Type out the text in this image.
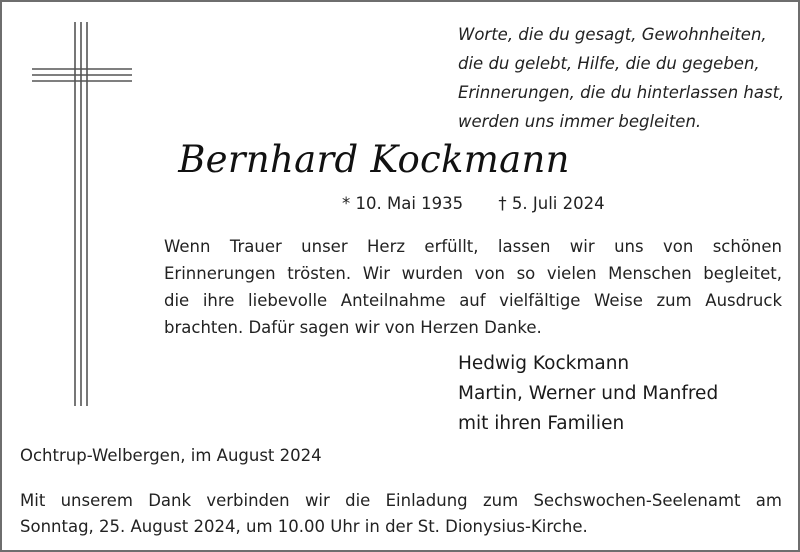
Worte, die du gesagt, Gewohnheiten,
die du gelebt, Hilfe, die du gegeben,
Erinnerungen, die du hinterlassen hast,
werden uns immer begleiten.
Bernhard Kockmann
* 10. Mai 1935 † 5. Juli 2024
Wenn Trauer unser Herz erfüllt, lassen wir uns von schönen
Erinnerungen trösten. Wir wurden von so vielen Menschen begleitet,
die ihre liebevolle Anteilnahme auf vielfältige Weise zum Ausdruck
brachten. Dafür sagen wir von Herzen Danke.
Hedwig Kockmann
Martin, Werner und Manfred
mit ihren Familien
Ochtrup-Welbergen, im August 2024
Mit unserem Dank verbinden wir die Einladung zum Sechswochen-Seelenamt am
Sonntag, 25. August 2024, um 10.00 Uhr in der St. Dionysius-Kirche.
